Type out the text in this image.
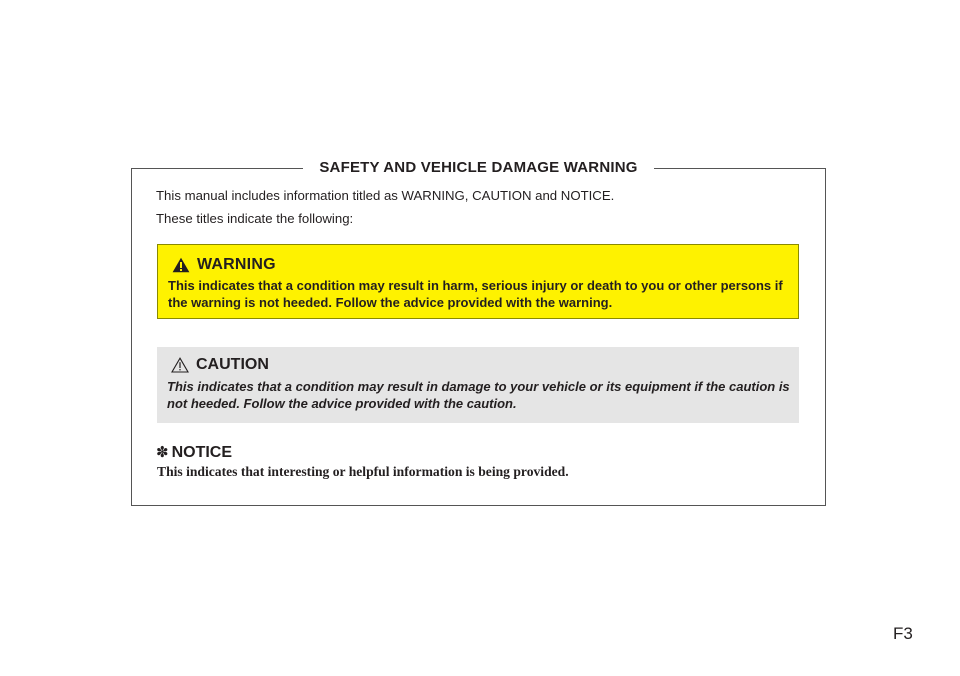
SAFETY AND VEHICLE DAMAGE WARNING
This manual includes information titled as WARNING, CAUTION and NOTICE.
These titles indicate the following:
WARNING
This indicates that a condition may result in harm, serious injury or death to you or other persons if the warning is not heeded. Follow the advice provided with the warning.
CAUTION
This indicates that a condition may result in damage to your vehicle or its equipment if the caution is not heeded. Follow the advice provided with the caution.
✽ NOTICE
This indicates that interesting or helpful information is being provided.
F3
